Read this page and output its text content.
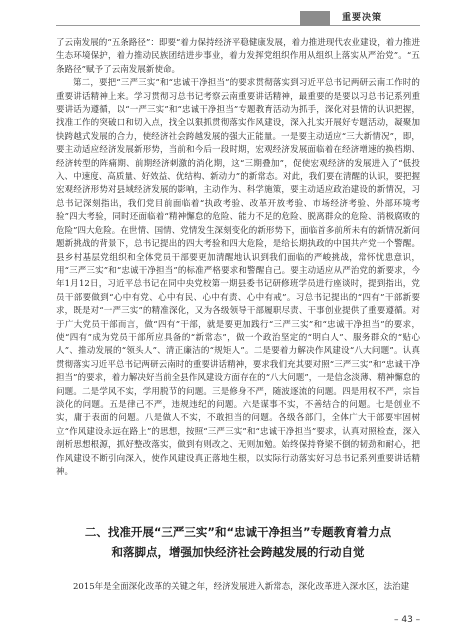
重要决策

了云南发展的“五条路径”：即要“着力保持经济平稳健康发展，着力推进现代农业建设，着力推进生态环境保护，着力推动民族团结进步事业，着力发挥党组织作用从组织上落实从严治党”。“五条路径”赋予了云南发展新使命。

第二，要把“三严三实”和“忠诚干净担当”的要求贯彻落实到习近平总书记两研云南工作时的重要讲话精神上来。学习贯彻习总书记考察云南重要讲话精神，最重要的是要以习总书记系列重要讲话为遵循，以“一严三实”和“忠诚干净担当”专题教育活动为抓手，深化对县情的认识把握，找准工作的突破口和切入点，找全以狠抓贯彻落实作风建设，深入扎实开展好专题活动，凝聚加快跨越式发展的合力，使经济社会跨越发展的强大正能量。一是要主动适应“三大新情况”，即，要主动适应经济发展新形势，当前和今后一段时期，宏观经济发展面临着在经济增速的换档期、经济转型的阵痛期、前期经济刺激的消化期，这“三期叠加”，促使宏观经济的发展进入了“低投入、中速度、高质量、好效益、优结构、新动力”的新常态。对此，我们要在清醒的认识，要把握宏观经济形势对县域经济发展的影响，主动作为、科学施策，要主动适应政治建设的新情况，习总书记深刻指出，我们党目前面临着“执政考验、改革开放考验、市场经济考验、外部环境考验”四大考验，同时还面临着“精神懈怠的危险、能力不足的危险、脱离群众的危险、消极腐败的危险”四大危险。在世情、国情、党情发生深刻变化的新形势下，面临首多前所未有的新情况新问题新挑战的背景下，总书记提出的四大考验和四大危险，是给长期执政的中国共产党一个警醒。县乡村基层党组织和全体党员干部要更加清醒地认识到我们面临的严峻挑战，常怀忧患意识，用“三严三实”和“忠诚干净担当”的标准严格要求和警醒自己。要主动适应从严治党的新要求，今年1月12日，习近平总书记在同中央党校第一期县委书记研修班学员进行座谈时，提到指出，党员干部要做到“心中有党、心中有民、心中有责、心中有戒”。习总书记提出的“四有”干部新要求，既是对“一严三实”的精准深化，又为各级领导干部履职尽责、干事创业提供了重要遵循。对于广大党员干部而言，做“四有”干部，就是要更加践行“三严三实”和“忠诚干净担当”的要求，使“四有”成为党员干部所应具备的“新常态”，做一个政治坚定的“明白人”、服务群众的“贴心人”、推动发展的“领头人”、清正廉洁的“规矩人”。二是要着力解决作风建设“八大问题”。认真贯彻落实习近平总书记两研云南时的重要讲话精神，要求我们充其要对照“三严三实”和“忠诚干净担当”的要求，着力解决好当前全县作风建设方面存在的“八大问题”，一是信念淡薄、精神懈怠的问题。二是学风不实，学用脱节的问题。三是修身不严，随波逐流的问题。四是用权不严，宗旨淡化的问题。五是律己不严，违规违纪的问题。六是谋事不实，不善结合的问题。七是创业不实，庸于表面的问题。八是做人不实，不敢担当的问题。各级各部门，全体广大干部要牢固树立“作风建设永远在路上”的思想，按照“三严三实”和“忠诚干净担当”要求，认真对照检查，深入剖析思想根源，抓好整改落实，做到有则改之、无则加勉。始终保持脊梁不倒的韧劲和耐心，把作风建设不断引向深入，使作风建设真正落地生根，以实际行动落实好习总书记系列重要讲话精神。

二、找准开展“三严三实”和“忠诚干净担当”专题教育着力点
和落脚点，增强加快经济社会跨越发展的行动自觉
2015年是全面深化改革的关键之年，经济发展进入新常态，深化改革进入深水区，法治建
– 43 –
